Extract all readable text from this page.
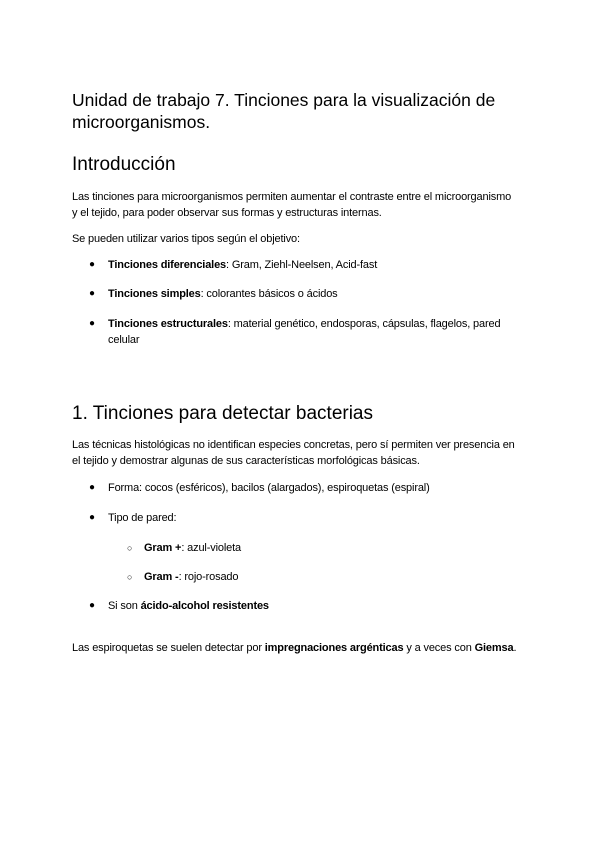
Unidad de trabajo 7. Tinciones para la visualización de microorganismos.
Introducción

Las tinciones para microorganismos permiten aumentar el contraste entre el microorganismo y el tejido, para poder observar sus formas y estructuras internas.

Se pueden utilizar varios tipos según el objetivo:

● Tinciones diferenciales: Gram, Ziehl-Neelsen, Acid-fast
● Tinciones simples: colorantes básicos o ácidos
● Tinciones estructurales: material genético, endosporas, cápsulas, flagelos, pared celular
1. Tinciones para detectar bacterias

Las técnicas histológicas no identifican especies concretas, pero sí permiten ver presencia en el tejido y demostrar algunas de sus características morfológicas básicas.

● Forma: cocos (esféricos), bacilos (alargados), espiroquetas (espiral)
● Tipo de pared:
○ Gram +: azul-violeta
○ Gram -: rojo-rosado
● Si son ácido-alcohol resistentes

Las espiroquetas se suelen detectar por impregnaciones argénticas y a veces con Giemsa.
